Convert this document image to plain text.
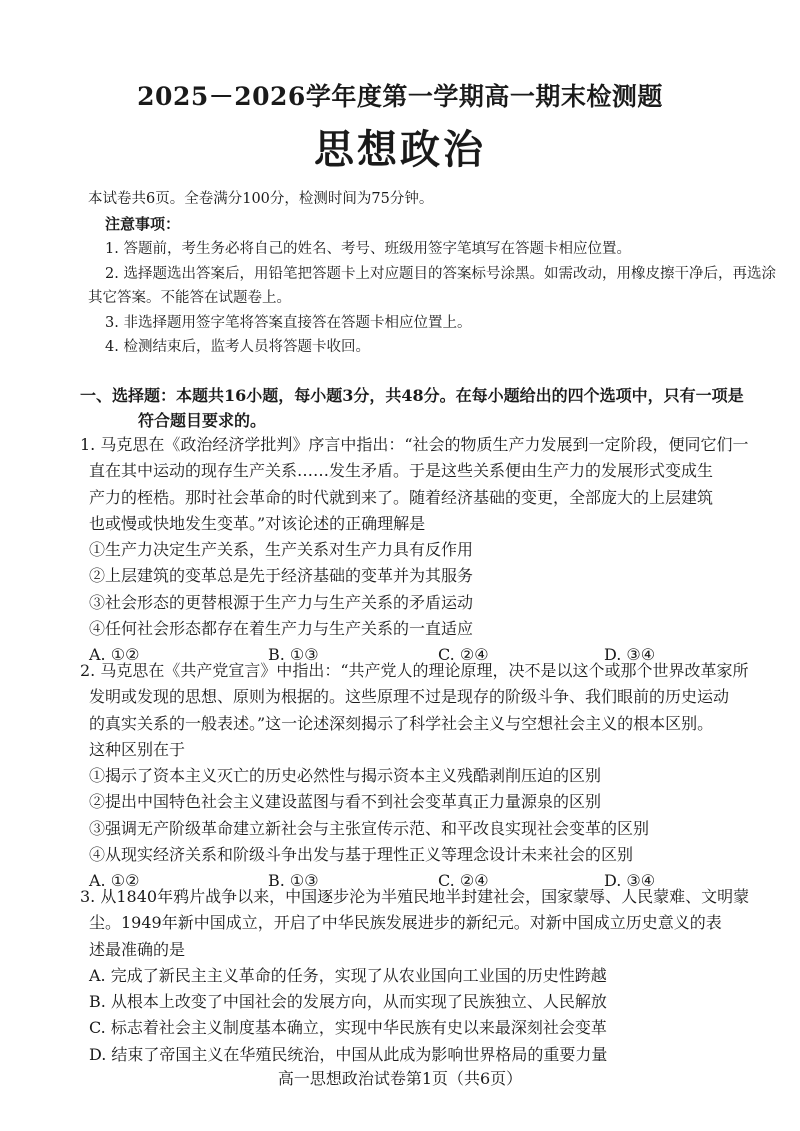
2025－2026学年度第一学期高一期末检测题
思想政治
本试卷共6页。全卷满分100分，检测时间为75分钟。
注意事项：
1. 答题前，考生务必将自己的姓名、考号、班级用签字笔填写在答题卡相应位置。
2. 选择题选出答案后，用铅笔把答题卡上对应题目的答案标号涂黑。如需改动，用橡皮擦干净后，再选涂其它答案。不能答在试题卷上。
3. 非选择题用签字笔将答案直接答在答题卡相应位置上。
4. 检测结束后，监考人员将答题卡收回。
一、选择题：本题共16小题，每小题3分，共48分。在每小题给出的四个选项中，只有一项是
符合题目要求的。
1. 马克思在《政治经济学批判》序言中指出：“社会的物质生产力发展到一定阶段，便同它们一
直在其中运动的现存生产关系……发生矛盾。于是这些关系便由生产力的发展形式变成生
产力的桎梏。那时社会革命的时代就到来了。随着经济基础的变更，全部庞大的上层建筑
也或慢或快地发生变革。”对该论述的正确理解是
①生产力决定生产关系，生产关系对生产力具有反作用
②上层建筑的变革总是先于经济基础的变革并为其服务
③社会形态的更替根源于生产力与生产关系的矛盾运动
④任何社会形态都存在着生产力与生产关系的一直适应
A. ①②	B. ①③	C. ②④	D. ③④
2. 马克思在《共产党宣言》中指出：“共产党人的理论原理，决不是以这个或那个世界改革家所
发明或发现的思想、原则为根据的。这些原理不过是现存的阶级斗争、我们眼前的历史运动
的真实关系的一般表述。”这一论述深刻揭示了科学社会主义与空想社会主义的根本区别。
这种区别在于
①揭示了资本主义灭亡的历史必然性与揭示资本主义残酷剥削压迫的区别
②提出中国特色社会主义建设蓝图与看不到社会变革真正力量源泉的区别
③强调无产阶级革命建立新社会与主张宣传示范、和平改良实现社会变革的区别
④从现实经济关系和阶级斗争出发与基于理性正义等理念设计未来社会的区别
A. ①②	B. ①③	C. ②④	D. ③④
3. 从1840年鸦片战争以来，中国逐步沦为半殖民地半封建社会，国家蒙辱、人民蒙难、文明蒙
尘。1949年新中国成立，开启了中华民族发展进步的新纪元。对新中国成立历史意义的表
述最准确的是
A. 完成了新民主主义革命的任务，实现了从农业国向工业国的历史性跨越
B. 从根本上改变了中国社会的发展方向，从而实现了民族独立、人民解放
C. 标志着社会主义制度基本确立，实现中华民族有史以来最深刻社会变革
D. 结束了帝国主义在华殖民统治，中国从此成为影响世界格局的重要力量
高一思想政治试卷第1页（共6页）
